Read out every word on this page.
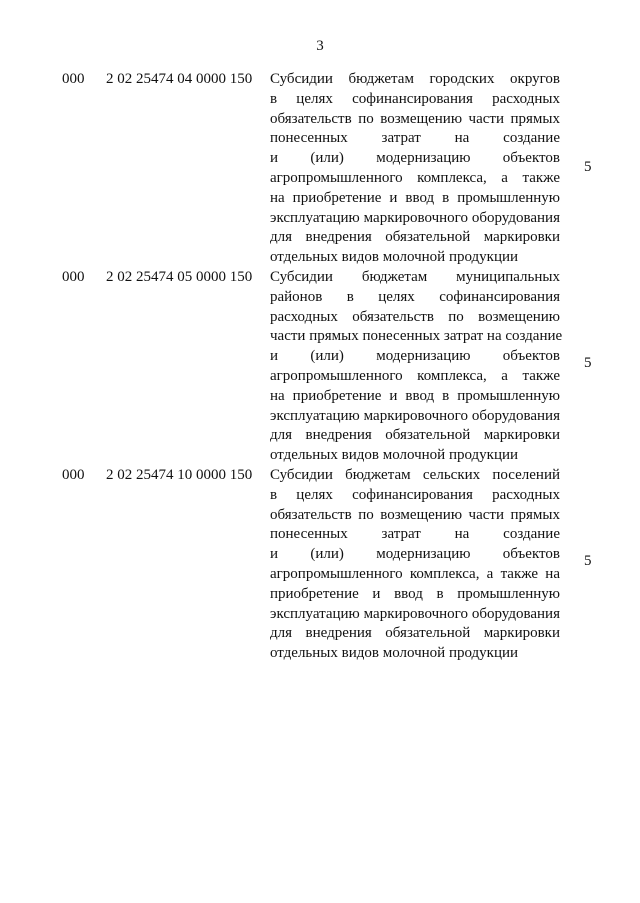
3
000 2 02 25474 04 0000 150 Субсидии бюджетам городских округов
в целях софинансирования расходных
обязательств по возмещению части прямых
понесенных затрат на создание
и (или) модернизацию объектов
агропромышленного комплекса, а также
на приобретение и ввод в промышленную
эксплуатацию маркировочного оборудования
для внедрения обязательной маркировки
отдельных видов молочной продукции
5
000 2 02 25474 05 0000 150 Субсидии бюджетам муниципальных
районов в целях софинансирования
расходных обязательств по возмещению
части прямых понесенных затрат на создание
и (или) модернизацию объектов
агропромышленного комплекса, а также
на приобретение и ввод в промышленную
эксплуатацию маркировочного оборудования
для внедрения обязательной маркировки
отдельных видов молочной продукции
5
000 2 02 25474 10 0000 150 Субсидии бюджетам сельских поселений
в целях софинансирования расходных
обязательств по возмещению части прямых
понесенных затрат на создание
и (или) модернизацию объектов
агропромышленного комплекса, а также на
приобретение и ввод в промышленную
эксплуатацию маркировочного оборудования
для внедрения обязательной маркировки
отдельных видов молочной продукции
5
